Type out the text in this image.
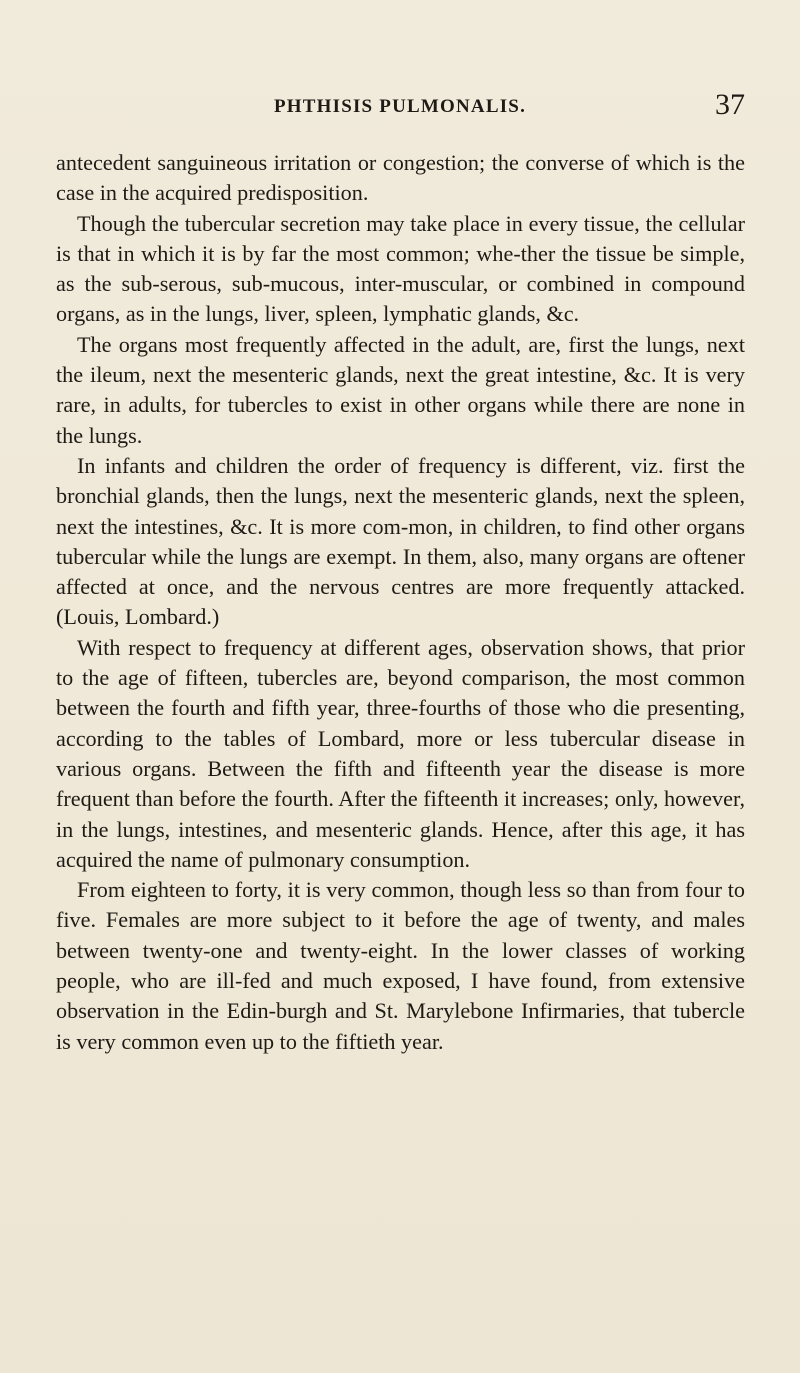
PHTHISIS PULMONALIS.	37

antecedent sanguineous irritation or congestion; the converse of which is the case in the acquired predisposition.

Though the tubercular secretion may take place in every tissue, the cellular is that in which it is by far the most common; whe-ther the tissue be simple, as the sub-serous, sub-mucous, inter-muscular, or combined in compound organs, as in the lungs, liver, spleen, lymphatic glands, &c.

The organs most frequently affected in the adult, are, first the lungs, next the ileum, next the mesenteric glands, next the great intestine, &c. It is very rare, in adults, for tubercles to exist in other organs while there are none in the lungs.

In infants and children the order of frequency is different, viz. first the bronchial glands, then the lungs, next the mesenteric glands, next the spleen, next the intestines, &c. It is more com-mon, in children, to find other organs tubercular while the lungs are exempt. In them, also, many organs are oftener affected at once, and the nervous centres are more frequently attacked. (Louis, Lombard.)

With respect to frequency at different ages, observation shows, that prior to the age of fifteen, tubercles are, beyond comparison, the most common between the fourth and fifth year, three-fourths of those who die presenting, according to the tables of Lombard, more or less tubercular disease in various organs. Between the fifth and fifteenth year the disease is more frequent than before the fourth. After the fifteenth it increases; only, however, in the lungs, intestines, and mesenteric glands. Hence, after this age, it has acquired the name of pulmonary consumption.

From eighteen to forty, it is very common, though less so than from four to five. Females are more subject to it before the age of twenty, and males between twenty-one and twenty-eight. In the lower classes of working people, who are ill-fed and much exposed, I have found, from extensive observation in the Edin-burgh and St. Marylebone Infirmaries, that tubercle is very common even up to the fiftieth year.
